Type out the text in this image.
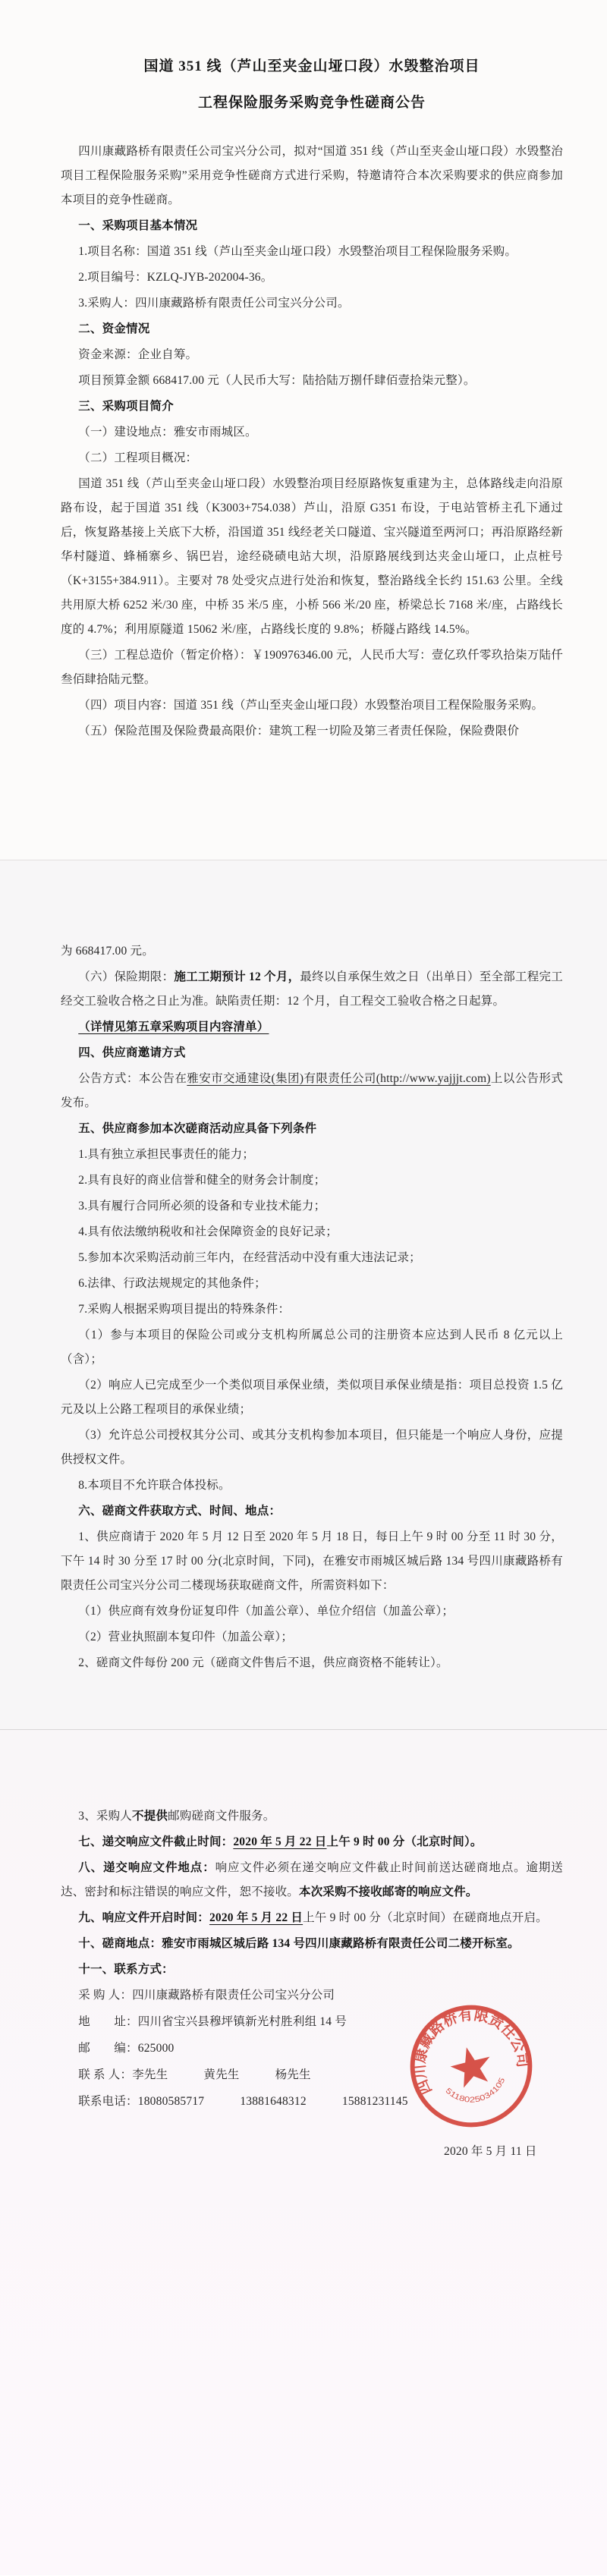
国道 351 线（芦山至夹金山垭口段）水毁整治项目

工程保险服务采购竞争性磋商公告

四川康藏路桥有限责任公司宝兴分公司，拟对“国道 351 线（芦山至夹金山垭口段）水毁整治项目工程保险服务采购”采用竞争性磋商方式进行采购，特邀请符合本次采购要求的供应商参加本项目的竞争性磋商。

一、采购项目基本情况

1.项目名称：国道 351 线（芦山至夹金山垭口段）水毁整治项目工程保险服务采购。

2.项目编号：KZLQ-JYB-202004-36。

3.采购人：四川康藏路桥有限责任公司宝兴分公司。

二、资金情况

资金来源：企业自筹。

项目预算金额 668417.00 元（人民币大写：陆拾陆万捌仟肆佰壹拾柒元整）。

三、采购项目简介

（一）建设地点：雅安市雨城区。

（二）工程项目概况：

国道 351 线（芦山至夹金山垭口段）水毁整治项目经原路恢复重建为主，总体路线走向沿原路布设，起于国道 351 线（K3003+754.038）芦山，沿原 G351 布设，于电站管桥主孔下通过后，恢复路基接上关底下大桥，沿国道 351 线经老关口隧道、宝兴隧道至两河口；再沿原路经新华村隧道、蜂桶寨乡、锅巴岩，途经硗碛电站大坝，沿原路展线到达夹金山垭口，止点桩号（K+3155+384.911）。主要对 78 处受灾点进行处治和恢复，整治路线全长约 151.63 公里。全线共用原大桥 6252 米/30 座，中桥 35 米/5 座，小桥 566 米/20 座，桥梁总长 7168 米/座，占路线长度的 4.7%；利用原隧道 15062 米/座，占路线长度的 9.8%；桥隧占路线 14.5%。

（三）工程总造价（暂定价格）：￥190976346.00 元，人民币大写：壹亿玖仟零玖拾柒万陆仟叁佰肆拾陆元整。

（四）项目内容：国道 351 线（芦山至夹金山垭口段）水毁整治项目工程保险服务采购。

（五）保险范围及保险费最高限价：建筑工程一切险及第三者责任保险，保险费限价

为 668417.00 元。

（六）保险期限：施工工期预计 12 个月，最终以自承保生效之日（出单日）至全部工程完工经交工验收合格之日止为准。缺陷责任期：12 个月，自工程交工验收合格之日起算。

（详情见第五章采购项目内容清单）

四、供应商邀请方式

公告方式：本公告在雅安市交通建设(集团)有限责任公司(http://www.yajjjt.com)上以公告形式发布。

五、供应商参加本次磋商活动应具备下列条件

1.具有独立承担民事责任的能力；

2.具有良好的商业信誉和健全的财务会计制度；

3.具有履行合同所必须的设备和专业技术能力；

4.具有依法缴纳税收和社会保障资金的良好记录；

5.参加本次采购活动前三年内，在经营活动中没有重大违法记录；

6.法律、行政法规规定的其他条件；

7.采购人根据采购项目提出的特殊条件：

（1）参与本项目的保险公司或分支机构所属总公司的注册资本应达到人民币 8 亿元以上 （含）；

（2）响应人已完成至少一个类似项目承保业绩，类似项目承保业绩是指：项目总投资 1.5 亿元及以上公路工程项目的承保业绩；

（3）允许总公司授权其分公司、或其分支机构参加本项目，但只能是一个响应人身份，应提供授权文件。

8.本项目不允许联合体投标。

六、磋商文件获取方式、时间、地点：

1、供应商请于 2020 年 5 月 12 日至 2020 年 5 月 18 日，每日上午 9 时 00 分至 11 时 30 分，下午 14 时 30 分至 17 时 00 分(北京时间，下同)，在雅安市雨城区城后路 134 号四川康藏路桥有限责任公司宝兴分公司二楼现场获取磋商文件，所需资料如下：

（1）供应商有效身份证复印件（加盖公章）、单位介绍信（加盖公章）；

（2）营业执照副本复印件（加盖公章）；

2、磋商文件每份 200 元（磋商文件售后不退，供应商资格不能转让）。

3、采购人不提供邮购磋商文件服务。

七、递交响应文件截止时间：2020 年 5 月 22 日上午 9 时 00 分（北京时间）。

八、递交响应文件地点：响应文件必须在递交响应文件截止时间前送达磋商地点。逾期送达、密封和标注错误的响应文件，恕不接收。本次采购不接收邮寄的响应文件。

九、响应文件开启时间：2020 年 5 月 22 日上午 9 时 00 分（北京时间）在磋商地点开启。

十、磋商地点：雅安市雨城区城后路 134 号四川康藏路桥有限责任公司二楼开标室。

十一、联系方式：

采 购 人：四川康藏路桥有限责任公司宝兴分公司

地　　址：四川省宝兴县穆坪镇新光村胜利组 14 号

邮　　编：625000

联 系 人：李先生　　　黄先生　　　杨先生

联系电话：18080585717　　　13881648312　　　15881231145

2020 年 5 月 11 日

四川康藏路桥有限责任公司
5118025034105
